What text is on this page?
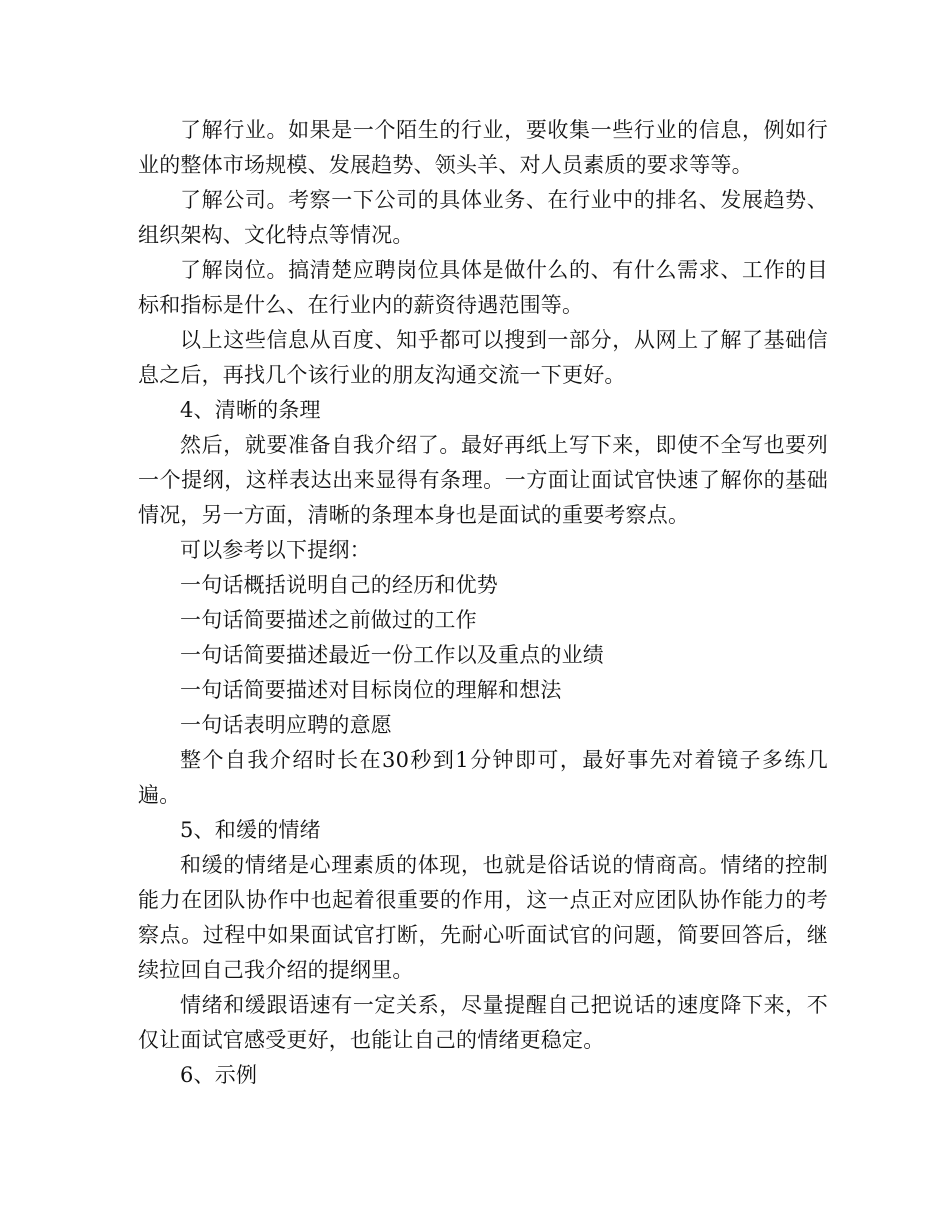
了解行业。如果是一个陌生的行业，要收集一些行业的信息，例如行业的整体市场规模、发展趋势、领头羊、对人员素质的要求等等。

了解公司。考察一下公司的具体业务、在行业中的排名、发展趋势、组织架构、文化特点等情况。

了解岗位。搞清楚应聘岗位具体是做什么的、有什么需求、工作的目标和指标是什么、在行业内的薪资待遇范围等。

以上这些信息从百度、知乎都可以搜到一部分，从网上了解了基础信息之后，再找几个该行业的朋友沟通交流一下更好。

4、清晰的条理

然后，就要准备自我介绍了。最好再纸上写下来，即使不全写也要列一个提纲，这样表达出来显得有条理。一方面让面试官快速了解你的基础情况，另一方面，清晰的条理本身也是面试的重要考察点。

可以参考以下提纲：

一句话概括说明自己的经历和优势

一句话简要描述之前做过的工作

一句话简要描述最近一份工作以及重点的业绩

一句话简要描述对目标岗位的理解和想法

一句话表明应聘的意愿

整个自我介绍时长在30秒到1分钟即可，最好事先对着镜子多练几遍。

5、和缓的情绪

和缓的情绪是心理素质的体现，也就是俗话说的情商高。情绪的控制能力在团队协作中也起着很重要的作用，这一点正对应团队协作能力的考察点。过程中如果面试官打断，先耐心听面试官的问题，简要回答后，继续拉回自己我介绍的提纲里。

情绪和缓跟语速有一定关系，尽量提醒自己把说话的速度降下来，不仅让面试官感受更好，也能让自己的情绪更稳定。

6、示例
